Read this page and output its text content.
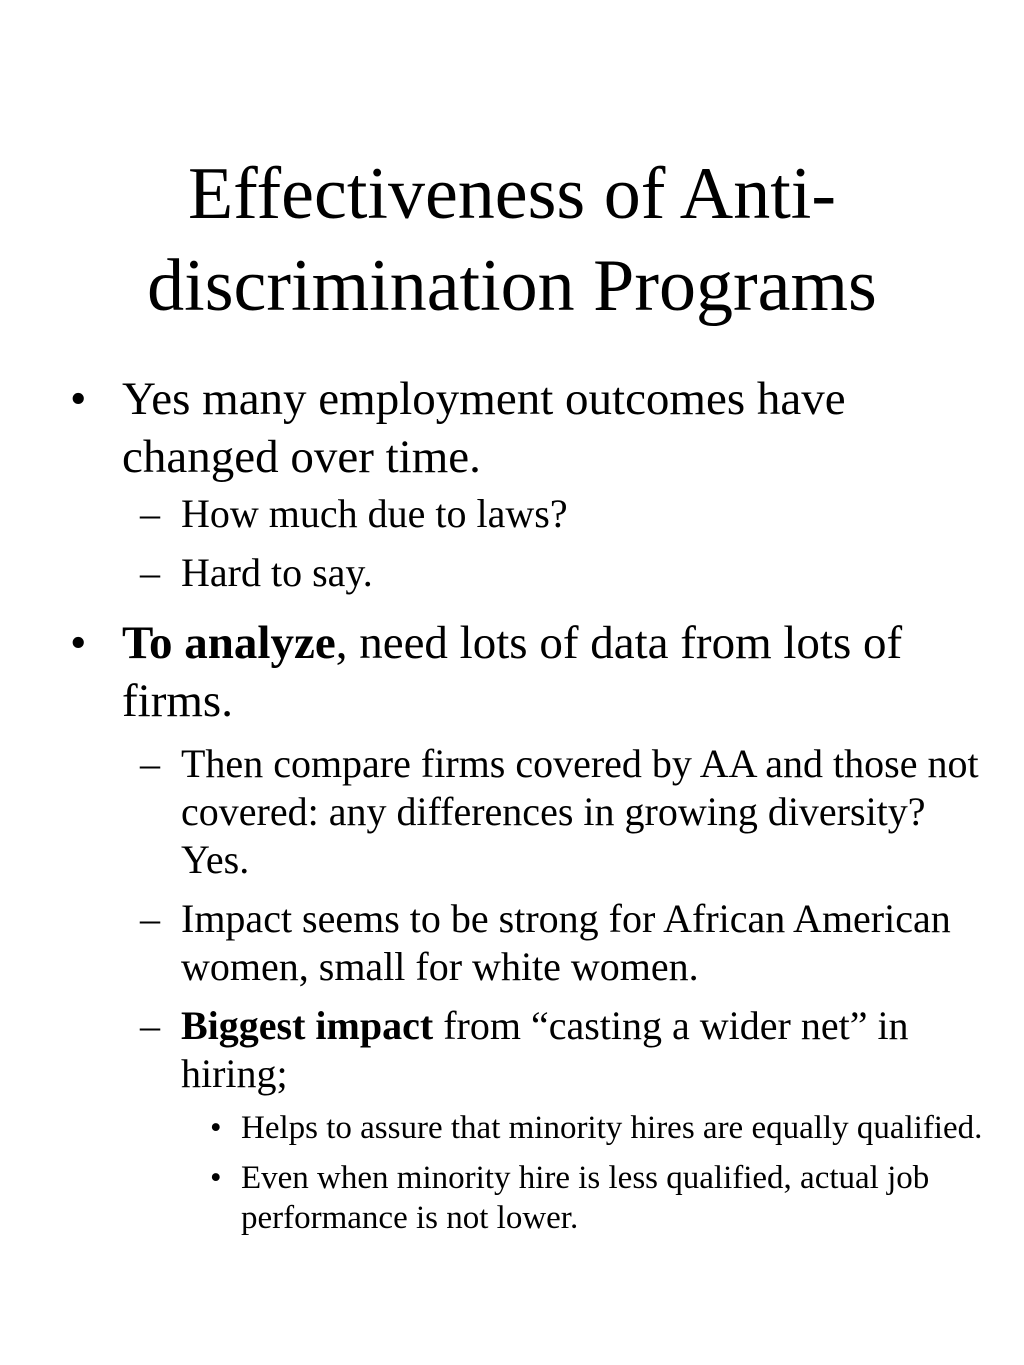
Effectiveness of Anti-
discrimination Programs
• Yes many employment outcomes have changed over time.
– How much due to laws?
– Hard to say.
• To analyze, need lots of data from lots of firms.
– Then compare firms covered by AA and those not covered: any differences in growing diversity? Yes.
– Impact seems to be strong for African American women, small for white women.
– Biggest impact from “casting a wider net” in hiring;
• Helps to assure that minority hires are equally qualified.
• Even when minority hire is less qualified, actual job performance is not lower.
